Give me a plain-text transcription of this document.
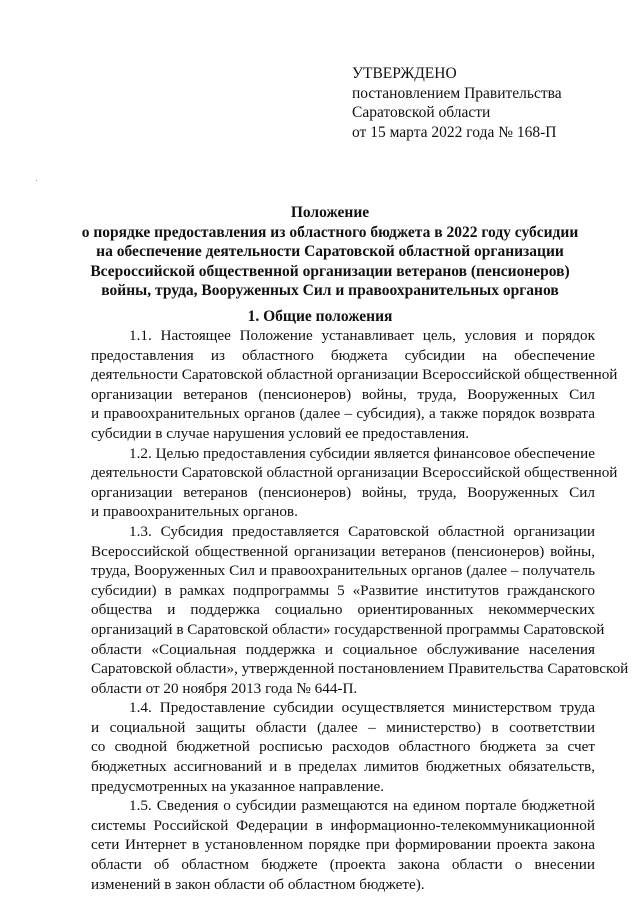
УТВЕРЖДЕНО
постановлением Правительства
Саратовской области
от 15 марта 2022 года № 168-П
Положение
о порядке предоставления из областного бюджета в 2022 году субсидии
на обеспечение деятельности Саратовской областной организации
Всероссийской общественной организации ветеранов (пенсионеров)
войны, труда, Вооруженных Сил и правоохранительных органов
1. Общие положения
1.1. Настоящее Положение устанавливает цель, условия и порядок
предоставления из областного бюджета субсидии на обеспечение
деятельности Саратовской областной организации Всероссийской общественной
организации ветеранов (пенсионеров) войны, труда, Вооруженных Сил
и правоохранительных органов (далее – субсидия), а также порядок возврата
субсидии в случае нарушения условий ее предоставления.
1.2. Целью предоставления субсидии является финансовое обеспечение
деятельности Саратовской областной организации Всероссийской общественной
организации ветеранов (пенсионеров) войны, труда, Вооруженных Сил
и правоохранительных органов.
1.3. Субсидия предоставляется Саратовской областной организации
Всероссийской общественной организации ветеранов (пенсионеров) войны,
труда, Вооруженных Сил и правоохранительных органов (далее – получатель
субсидии) в рамках подпрограммы 5 «Развитие институтов гражданского
общества и поддержка социально ориентированных некоммерческих
организаций в Саратовской области» государственной программы Саратовской
области «Социальная поддержка и социальное обслуживание населения
Саратовской области», утвержденной постановлением Правительства Саратовской
области от 20 ноября 2013 года № 644-П.
1.4. Предоставление субсидии осуществляется министерством труда
и социальной защиты области (далее – министерство) в соответствии
со сводной бюджетной росписью расходов областного бюджета за счет
бюджетных ассигнований и в пределах лимитов бюджетных обязательств,
предусмотренных на указанное направление.
1.5. Сведения о субсидии размещаются на едином портале бюджетной
системы Российской Федерации в информационно-телекоммуникационной
сети Интернет в установленном порядке при формировании проекта закона
области об областном бюджете (проекта закона области о внесении
изменений в закон области об областном бюджете).
